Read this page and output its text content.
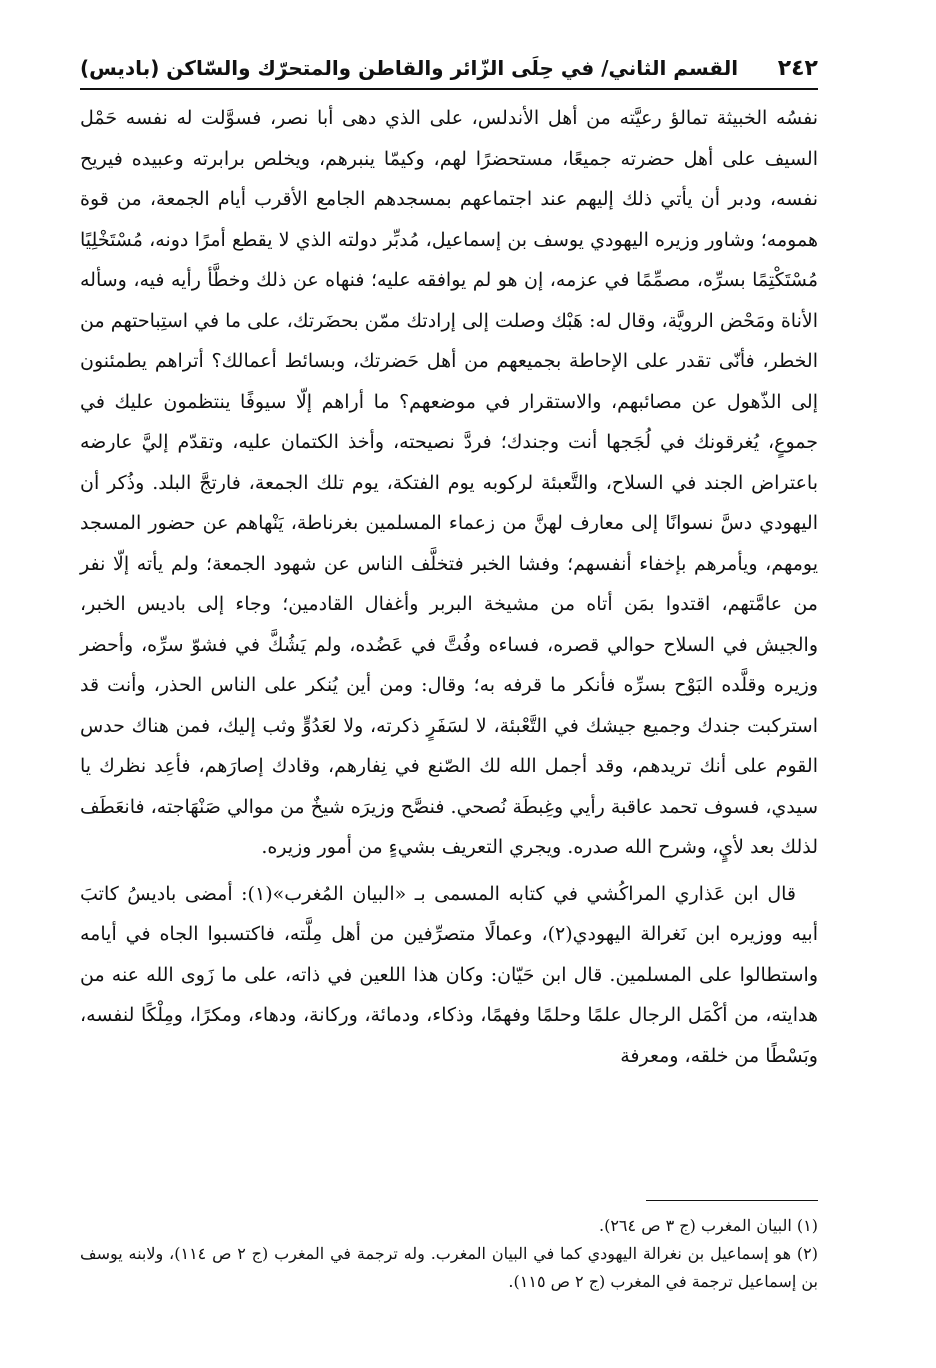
٢٤٢
القسم الثاني/ في حِلَى الزّائر والقاطن والمتحرّك والسّاكن (باديس)

نفسُه الخبيثة تمالؤ رعيَّته من أهل الأندلس، على الذي دهى أبا نصر، فسوَّلت له نفسه حَمْل السيف على أهل حضرته جميعًا، مستحضرًا لهم، وكيمّا ينبرهم، ويخلص برابرته وعبيده فيريح نفسه، ودبر أن يأتي ذلك إليهم عند اجتماعهم بمسجدهم الجامع الأقرب أيام الجمعة، من قوة همومه؛ وشاور وزيره اليهودي يوسف بن إسماعيل، مُدبِّر دولته الذي لا يقطع أمرًا دونه، مُسْتَخْلِيًا مُسْتَكْتِمًا بسرِّه، مصمِّمًا في عزمه، إن هو لم يوافقه عليه؛ فنهاه عن ذلك وخطَّأ رأيه فيه، وسأله الأناة ومَحْض الرويَّة، وقال له: هَبْك وصلت إلى إرادتك ممّن بحضَرتك، على ما في استِباحتهم من الخطر، فأنّى تقدر على الإحاطة بجميعهم من أهل حَضرتك، وبسائط أعمالك؟ أتراهم يطمئنون إلى الذّهول عن مصائبهم، والاستقرار في موضعهم؟ ما أراهم إلّا سيوفًا ينتظمون عليك في جموعٍ، يُغرقونك في لُجَجها أنت وجندك؛ فردَّ نصيحته، وأخذ الكتمان عليه، وتقدّم إليَّ عارضه باعتراض الجند في السلاح، والتَّعبئة لركوبه يوم الفتكة، يوم تلك الجمعة، فارتجَّ البلد. وذُكر أن اليهودي دسَّ نسوانًا إلى معارف لهنَّ من زعماء المسلمين بغرناطة، يَنْهاهم عن حضور المسجد يومهم، ويأمرهم بإخفاء أنفسهم؛ وفشا الخبر فتخلَّف الناس عن شهود الجمعة؛ ولم يأته إلّا نفر من عامَّتهم، اقتدوا بمَن أتاه من مشيخة البربر وأغفال القادمين؛ وجاء إلى باديس الخبر، والجيش في السلاح حوالي قصره، فساءه وفُتَّ في عَضُده، ولم يَشُكَّ في فشوّ سرِّه، وأحضر وزيره وقلَّده البَوْح بسرِّه فأنكر ما قرفه به؛ وقال: ومن أين يُنكر على الناس الحذر، وأنت قد استركبت جندك وجميع جيشك في التَّعْبئة، لا لسَفَرٍ ذكرته، ولا لعَدُوٍّ وثب إليك، فمن هناك حدس القوم على أنك تريدهم، وقد أجمل الله لك الصّنع في نِفارهم، وقادك إصارَهم، فأعِد نظرك يا سيدي، فسوف تحمد عاقبة رأيي وغِبطَة نُصحي. فنصَّح وزيرَه شيخٌ من موالي صَنْهَاجته، فانعَطَف لذلك بعد لأيٍ، وشرح الله صدره. ويجري التعريف بشيءٍ من أمور وزيره.

قال ابن عَذاري المراكُشي في كتابه المسمى بـ «البيان المُغرب»(١): أمضى باديسُ كاتبَ أبيه ووزيره ابن نَغرالة اليهودي(٢)، وعمالًا متصرِّفين من أهل مِلَّته، فاكتسبوا الجاه في أيامه واستطالوا على المسلمين. قال ابن حَيّان: وكان هذا اللعين في ذاته، على ما زَوى الله عنه من هدايته، من أكْمَل الرجال علمًا وحلمًا وفهمًا، وذكاء، ودمائة، وركانة، ودهاء، ومكرًا، ومِلْكًا لنفسه، وبَسْطًا من خلقه، ومعرفة

(١) البيان المغرب (ج ٣ ص ٢٦٤).

(٢) هو إسماعيل بن نغرالة اليهودي كما في البيان المغرب. وله ترجمة في المغرب (ج ٢ ص ١١٤)، ولابنه يوسف بن إسماعيل ترجمة في المغرب (ج ٢ ص ١١٥).
